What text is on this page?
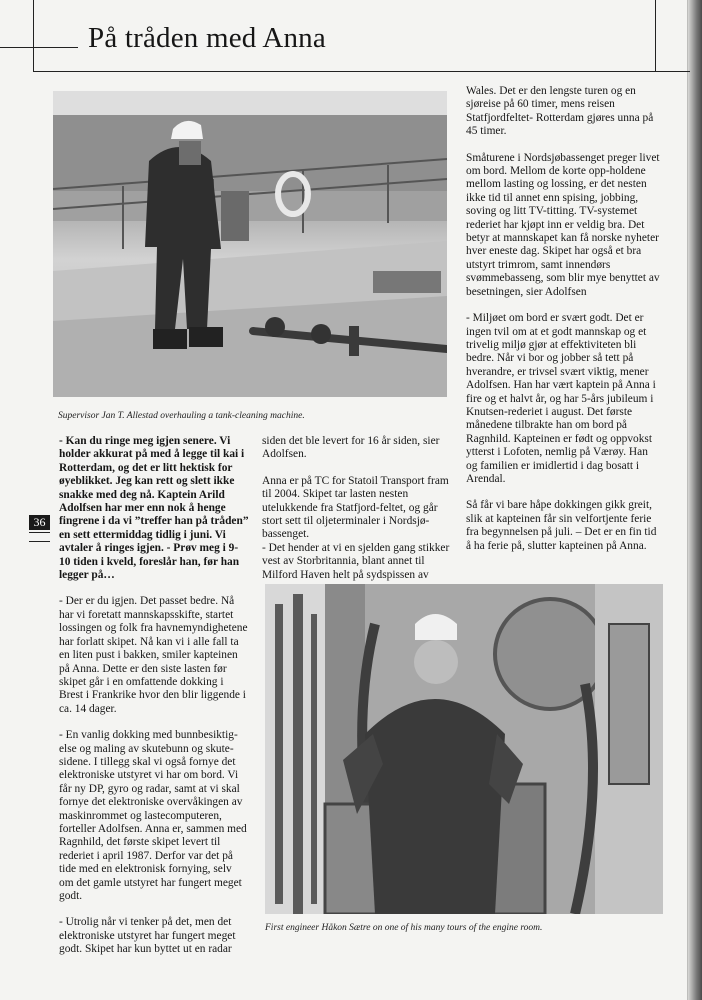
På tråden med Anna

Supervisor Jan T. Allestad overhauling a tank-cleaning machine.

- Kan du ringe meg igjen senere. Vi holder akkurat på med å legge til kai i Rotterdam, og det er litt hektisk for øyeblikket. Jeg kan rett og slett ikke snakke med deg nå. Kaptein Arild Adolfsen har mer enn nok å henge fingrene i da vi ”treffer han på tråden” en sett ettermiddag tidlig i juni. Vi avtaler å ringes igjen. - Prøv meg i 9-10 tiden i kveld, foreslår han, før han legger på…

- Der er du igjen. Det passet bedre. Nå har vi foretatt mannskapsskifte, startet lossingen og folk fra havnemyndighetene har forlatt skipet. Nå kan vi i alle fall ta en liten pust i bakken, smiler kapteinen på Anna. Dette er den siste lasten før skipet går i en omfattende dokking i Brest i Frankrike hvor den blir liggende i ca. 14 dager.

- En vanlig dokking med bunnbesiktig-else og maling av skutebunn og skute-sidene. I tillegg skal vi også fornye det elektroniske utstyret vi har om bord. Vi får ny DP, gyro og radar, samt at vi skal fornye det elektroniske overvåkingen av maskinrommet og lastecomputeren, forteller Adolfsen. Anna er, sammen med Ragnhild, det første skipet levert til rederiet i april 1987. Derfor var det på tide med en elektronisk fornying, selv om det gamle utstyret har fungert meget godt.

- Utrolig når vi tenker på det, men det elektroniske utstyret har fungert meget godt. Skipet har kun byttet ut en radar

36

siden det ble levert for 16 år siden, sier Adolfsen.

Anna er på TC for Statoil Transport fram til 2004. Skipet tar lasten nesten utelukkende fra Statfjord-feltet, og går stort sett til oljeterminaler i Nordsjø-bassenget.

- Det hender at vi en sjelden gang stikker vest av Storbritannia, blant annet til Milford Haven helt på sydspissen av

Wales. Det er den lengste turen og en sjøreise på 60 timer, mens reisen Statfjordfeltet- Rotterdam gjøres unna på 45 timer.

Småturene i Nordsjøbassenget preger livet om bord. Mellom de korte opp-holdene mellom lasting og lossing, er det nesten ikke tid til annet enn spising, jobbing, soving og litt TV-titting. TV-systemet rederiet har kjøpt inn er veldig bra. Det betyr at mannskapet kan få norske nyheter hver eneste dag. Skipet har også et bra utstyrt trimrom, samt innendørs svømmebasseng, som blir mye benyttet av besetningen, sier Adolfsen

- Miljøet om bord er svært godt. Det er ingen tvil om at et godt mannskap og et trivelig miljø gjør at effektiviteten bli bedre. Når vi bor og jobber så tett på hverandre, er trivsel svært viktig, mener Adolfsen. Han har vært kaptein på Anna i fire og et halvt år, og har 5-års jubileum i Knutsen-rederiet i august. Det første månedene tilbrakte han om bord på Ragnhild. Kapteinen er født og oppvokst ytterst i Lofoten, nemlig på Værøy. Han og familien er imidlertid i dag bosatt i Arendal.

Så får vi bare håpe dokkingen gikk greit, slik at kapteinen får sin velfortjente ferie fra begynnelsen på juli. – Det er en fin tid å ha ferie på, slutter kapteinen på Anna.

First engineer Håkon Sætre on one of his many tours of the engine room.
